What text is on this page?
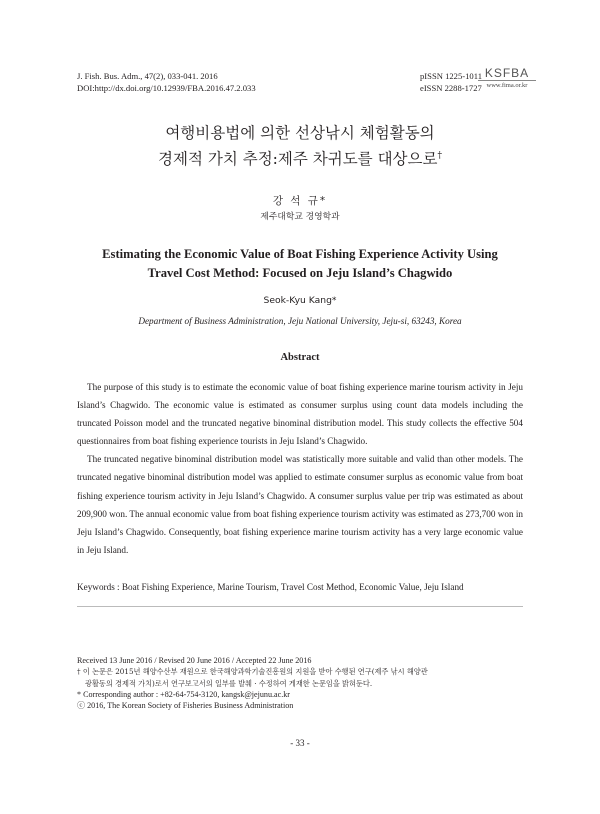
J. Fish. Bus. Adm., 47(2), 033-041. 2016
DOI:http://dx.doi.org/10.12939/FBA.2016.47.2.033
pISSN 1225-1011
eISSN 2288-1727
KSFBA
www.fima.or.kr
여행비용법에 의한 선상낚시 체험활동의
경제적 가치 추정:제주 차귀도를 대상으로†
강 석 규*
제주대학교 경영학과
Estimating the Economic Value of Boat Fishing Experience Activity Using
Travel Cost Method: Focused on Jeju Island’s Chagwido
Seok-Kyu Kang*
Department of Business Administration, Jeju National University, Jeju-si, 63243, Korea
Abstract

The purpose of this study is to estimate the economic value of boat fishing experience marine tourism activity in Jeju Island’s Chagwido. The economic value is estimated as consumer surplus using count data models including the truncated Poisson model and the truncated negative binominal distribution model. This study collects the effective 504 questionnaires from boat fishing experience tourists in Jeju Island’s Chagwido.

The truncated negative binominal distribution model was statistically more suitable and valid than other models. The truncated negative binominal distribution model was applied to estimate consumer surplus as economic value from boat fishing experience tourism activity in Jeju Island’s Chagwido. A consumer surplus value per trip was estimated as about 209,900 won. The annual economic value from boat fishing experience tourism activity was estimated as 273,700 won in Jeju Island’s Chagwido. Consequently, boat fishing experience marine tourism activity has a very large economic value in Jeju Island.

Keywords : Boat Fishing Experience, Marine Tourism, Travel Cost Method, Economic Value, Jeju Island
Received 13 June 2016 / Revised 20 June 2016 / Accepted 22 June 2016
† 이 논문은 2015년 해양수산부 재원으로 한국해양과학기술진흥원의 지원을 받아 수행된 연구(제주 낚시 해양관
광활동의 경제적 가치)로서 연구보고서의 일부를 발췌 · 수정하여 게재한 논문임을 밝혀둔다.
* Corresponding author : +82-64-754-3120, kangsk@jejunu.ac.kr
ⓒ 2016, The Korean Society of Fisheries Business Administration
- 33 -
